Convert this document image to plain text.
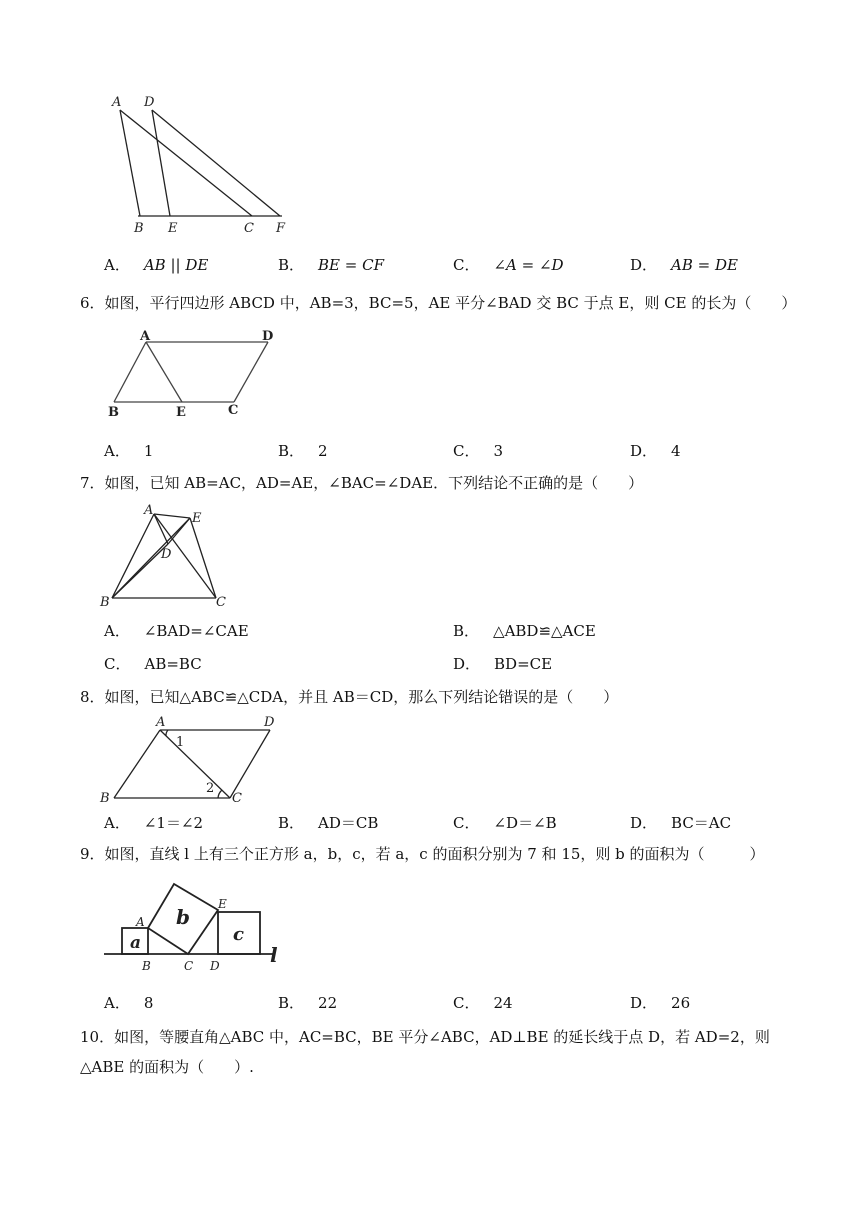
A D
B E	C F
A． AB || DE	B． BE = CF	C． ∠A = ∠D	D． AB = DE
6．如图，平行四边形 ABCD 中，AB=3，BC=5，AE 平分∠BAD 交 BC 于点 E，则 CE 的长为（　　）
A	D
B	E	C
A． 1	B． 2	C． 3	D． 4
7．如图，已知 AB=AC，AD=AE，∠BAC=∠DAE．下列结论不正确的是（　　）
A
E
D
B	C
A． ∠BAD=∠CAE	B． △ABD≌△ACE
C． AB=BC	D． BD=CE
8．如图，已知△ABC≌△CDA，并且 AB＝CD，那么下列结论错误的是（　　）
A	D
1
2
B	C
A． ∠1＝∠2	B． AD＝CB	C． ∠D＝∠B	D． BC＝AC
9．如图，直线 l 上有三个正方形 a，b，c，若 a，c 的面积分别为 7 和 15，则 b 的面积为（　　　）
A
a
b
E
c
l
B	C D
A． 8	B． 22	C． 24	D． 26
10．如图，等腰直角△ABC 中，AC=BC，BE 平分∠ABC，AD⊥BE 的延长线于点 D，若 AD=2，则△ABE 的面积为（　　）.
